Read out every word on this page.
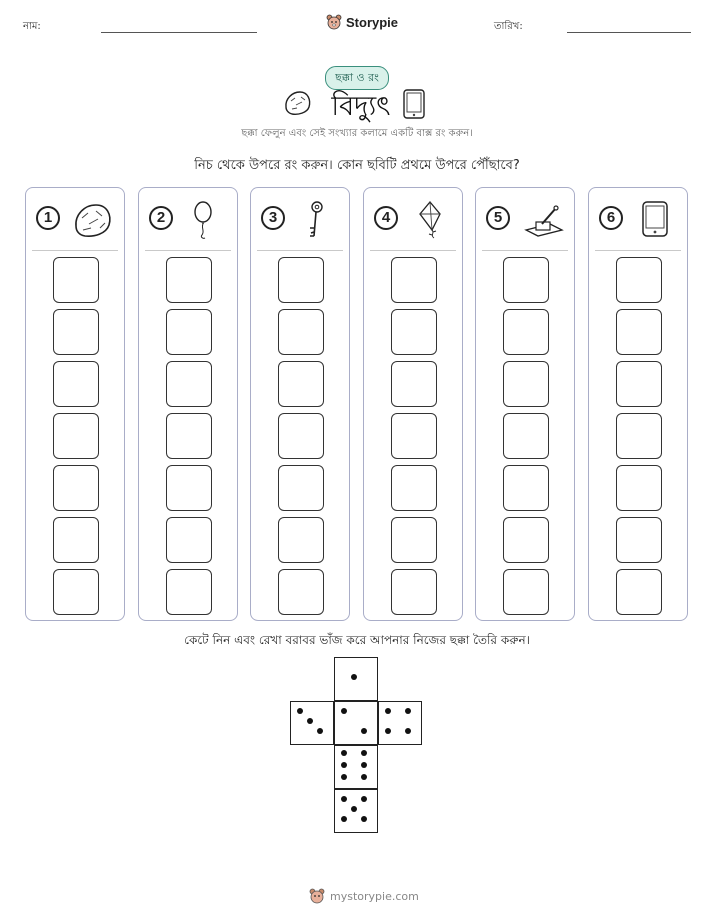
নাম:	Storypie	তারিখ:
ছক্কা ও রং
বিদ্যুৎ
ছক্কা ফেলুন এবং সেই সংখ্যার কলামে একটি বাক্স রং করুন।
নিচ থেকে উপরে রং করুন। কোন ছবিটি প্রথমে উপরে পৌঁছাবে?
1	2	3	4	5	6
কেটে নিন এবং রেখা বরাবর ভাঁজ করে আপনার নিজের ছক্কা তৈরি করুন।
mystorypie.com
